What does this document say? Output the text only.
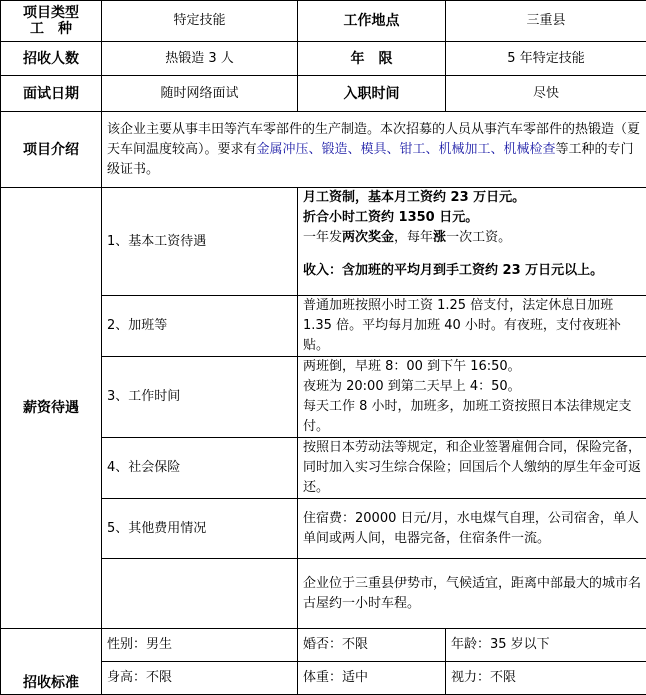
项目类型
工　种	特定技能	工作地点	三重县
招收人数	热锻造 3 人	年　限	5 年特定技能
面试日期	随时网络面试	入职时间	尽快
项目介绍	该企业主要从事丰田等汽车零部件的生产制造。本次招募的人员从事汽车零部件的热锻造（夏天车间温度较高）。要求有金属冲压、锻造、模具、钳工、机械加工、机械检查等工种的专门级证书。		
薪资待遇	1、基本工资待遇	月工资制，基本月工资约 23 万日元。
折合小时工资约 1350 日元。
一年发两次奖金，每年涨一次工资。
收入：含加班的平均月到手工资约 23 万日元以上。	

	2、加班等	普通加班按照小时工资 1.25 倍支付，法定休息日加班 1.35 倍。平均每月加班 40 小时。有夜班，支付夜班补贴。	
	3、工作时间	两班倒，早班 8：00 到下午 16:50。
夜班为 20:00 到第二天早上 4：50。
每天工作 8 小时，加班多，加班工资按照日本法律规定支付。	

	4、社会保险	按照日本劳动法等规定，和企业签署雇佣合同，保险完备，同时加入实习生综合保险；回国后个人缴纳的厚生年金可返还。	
	5、其他费用情况	住宿费：20000 日元/月，水电煤气自理，公司宿舍，单人单间或两人间，电器完备，住宿条件一流。	
		企业位于三重县伊势市，气候适宜，距离中部最大的城市名古屋约一小时车程。	
招收标准	性别：男生	婚否：不限	年龄：35 岁以下
	身高：不限	体重：适中	视力：不限
